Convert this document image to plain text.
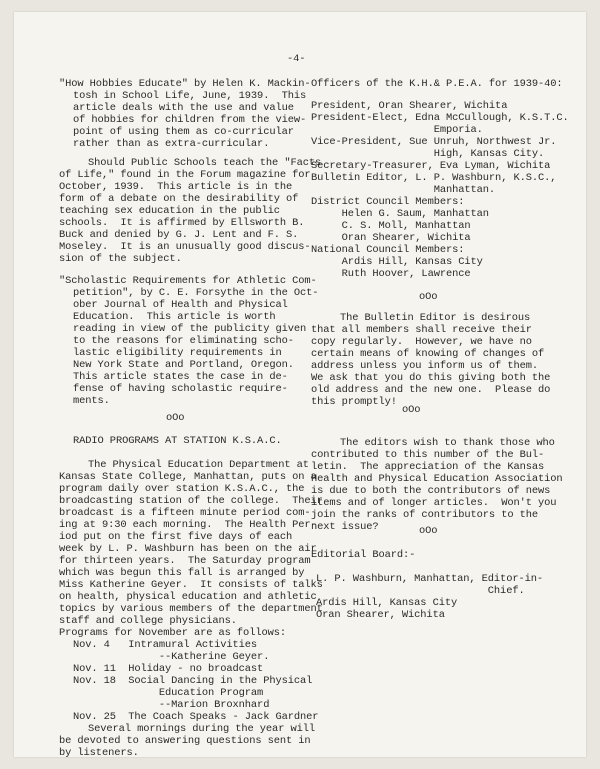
-4-
"How Hobbies Educate" by Helen K. Mackin-
tosh in School Life, June, 1939.  This
article deals with the use and value
of hobbies for children from the view-
point of using them as co-curricular
rather than as extra-curricular.
Should Public Schools teach the "Facts
of Life," found in the Forum magazine for
October, 1939.  This article is in the
form of a debate on the desirability of
teaching sex education in the public
schools.  It is affirmed by Ellsworth B.
Buck and denied by G. J. Lent and F. S.
Moseley.  It is an unusually good discus-
sion of the subject.
"Scholastic Requirements for Athletic Com-
petition", by C. E. Forsythe in the Oct-
ober Journal of Health and Physical
Education.  This article is worth
reading in view of the publicity given
to the reasons for eliminating scho-
lastic eligibility requirements in
New York State and Portland, Oregon.
This article states the case in de-
fense of having scholastic require-
ments.
oOo
RADIO PROGRAMS AT STATION K.S.A.C.
The Physical Education Department at
Kansas State College, Manhattan, puts on a
program daily over station K.S.A.C., the
broadcasting station of the college.  Their
broadcast is a fifteen minute period com-
ing at 9:30 each morning.  The Health Per-
iod put on the first five days of each
week by L. P. Washburn has been on the air
for thirteen years.  The Saturday program
which was begun this fall is arranged by
Miss Katherine Geyer.  It consists of talks
on health, physical education and athletic
topics by various members of the department
staff and college physicians.
Programs for November are as follows:
Nov. 4   Intramural Activities
--Katherine Geyer.
Nov. 11  Holiday - no broadcast
Nov. 18  Social Dancing in the Physical
Education Program
--Marion Broxnhard
Nov. 25  The Coach Speaks - Jack Gardner
Several mornings during the year will
be devoted to answering questions sent in
by listeners.
Officers of the K.H.& P.E.A. for 1939-40:
President, Oran Shearer, Wichita
President-Elect, Edna McCullough, K.S.T.C.
Emporia.
Vice-President, Sue Unruh, Northwest Jr.
High, Kansas City.
Secretary-Treasurer, Eva Lyman, Wichita
Bulletin Editor, L. P. Washburn, K.S.C.,
Manhattan.
District Council Members:
Helen G. Saum, Manhattan
C. S. Moll, Manhattan
Oran Shearer, Wichita
National Council Members:
Ardis Hill, Kansas City
Ruth Hoover, Lawrence
oOo
The Bulletin Editor is desirous
that all members shall receive their
copy regularly.  However, we have no
certain means of knowing of changes of
address unless you inform us of them.
We ask that you do this giving both the
old address and the new one.  Please do
this promptly!
oOo
The editors wish to thank those who
contributed to this number of the Bul-
letin.  The appreciation of the Kansas
Health and Physical Education Association
is due to both the contributors of news
items and of longer articles.  Won't you
join the ranks of contributors to the
next issue?	oOo
Editorial Board:-
L. P. Washburn, Manhattan, Editor-in-
Chief.
Ardis Hill, Kansas City
Oran Shearer, Wichita
